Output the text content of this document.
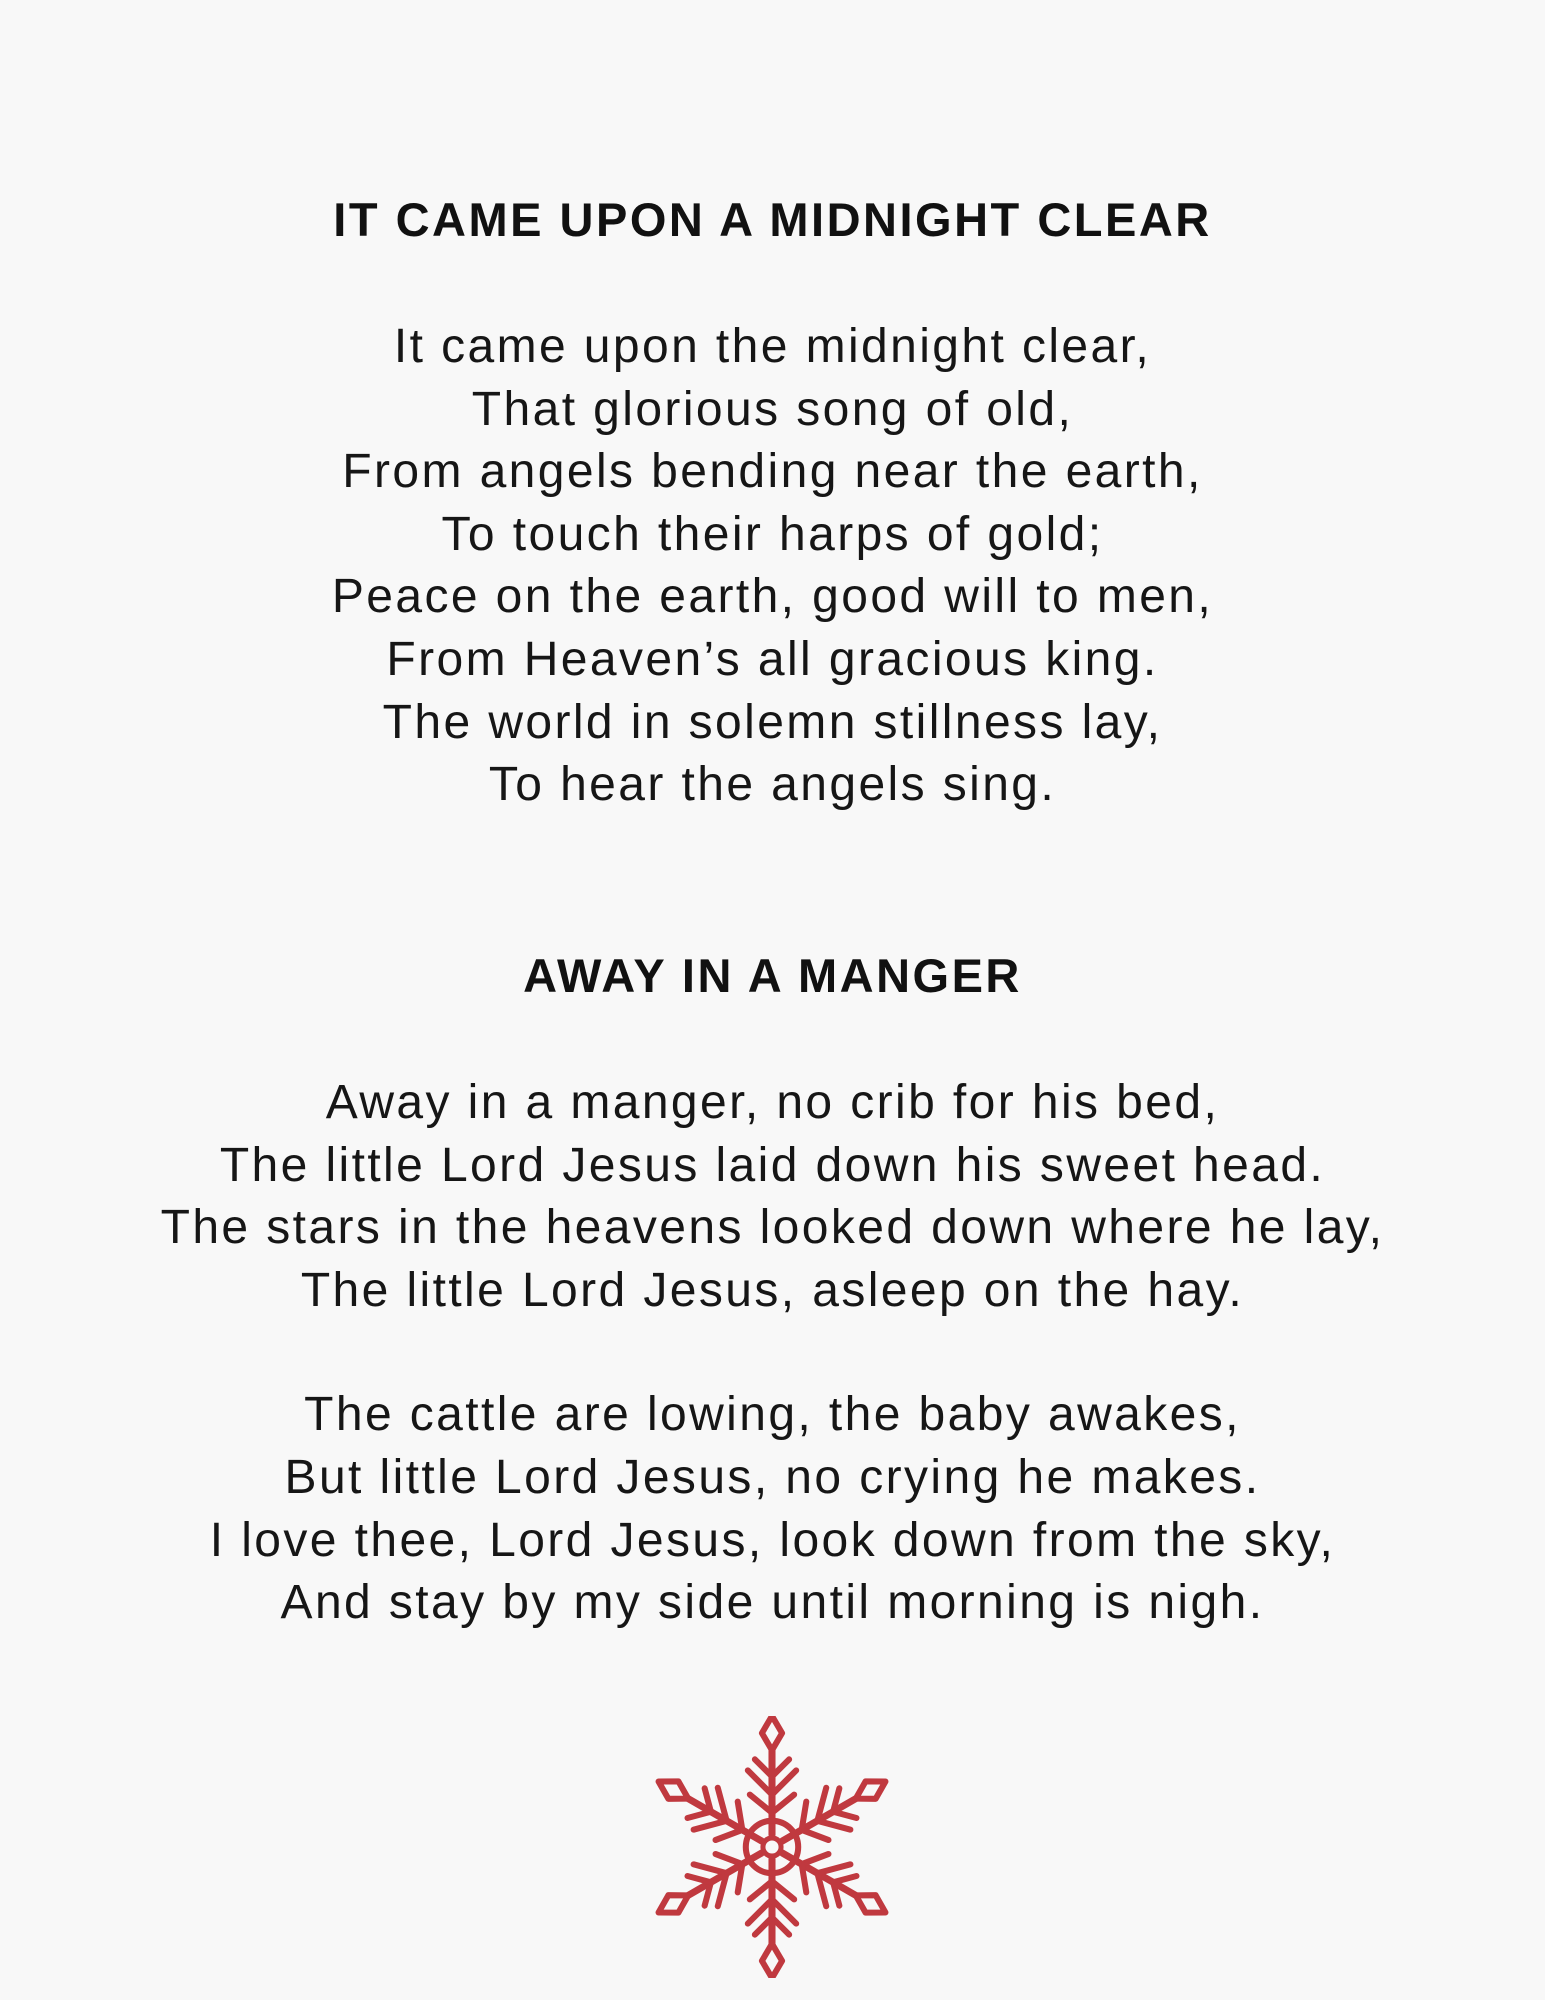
IT CAME UPON A MIDNIGHT CLEAR

It came upon the midnight clear,
That glorious song of old,
From angels bending near the earth,
To touch their harps of gold;
Peace on the earth, good will to men,
From Heaven’s all gracious king.
The world in solemn stillness lay,
To hear the angels sing.

AWAY IN A MANGER

Away in a manger, no crib for his bed,
The little Lord Jesus laid down his sweet head.
The stars in the heavens looked down where he lay,
The little Lord Jesus, asleep on the hay.

The cattle are lowing, the baby awakes,
But little Lord Jesus, no crying he makes.
I love thee, Lord Jesus, look down from the sky,
And stay by my side until morning is nigh.
